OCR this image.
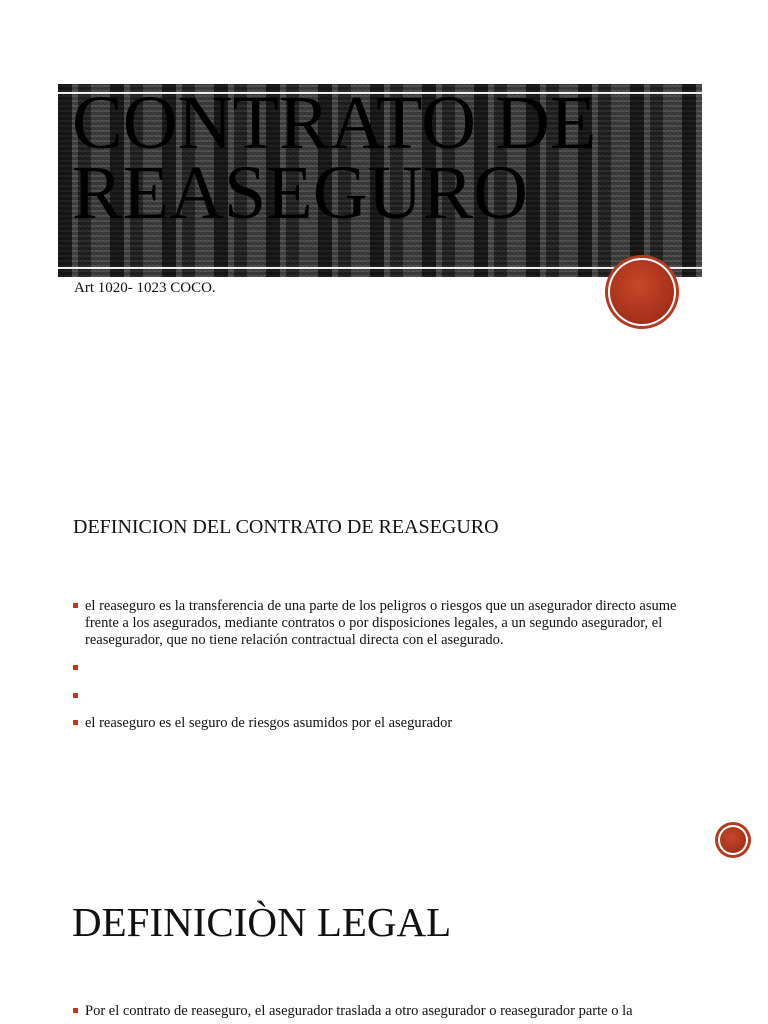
CONTRATO DE REASEGURO

Art 1020- 1023 COCO.

DEFINICION DEL CONTRATO DE REASEGURO
el reaseguro es la transferencia de una parte de los peligros o riesgos que un asegurador directo asume frente a los asegurados, mediante contratos o por disposiciones legales, a un segundo asegurador, el reasegurador, que no tiene relación contractual directa con el asegurado.
el reaseguro es el seguro de riesgos asumidos por el asegurador
DEFINICIÒN LEGAL
Por el contrato de reaseguro, el asegurador traslada a otro asegurador o reasegurador parte o la
